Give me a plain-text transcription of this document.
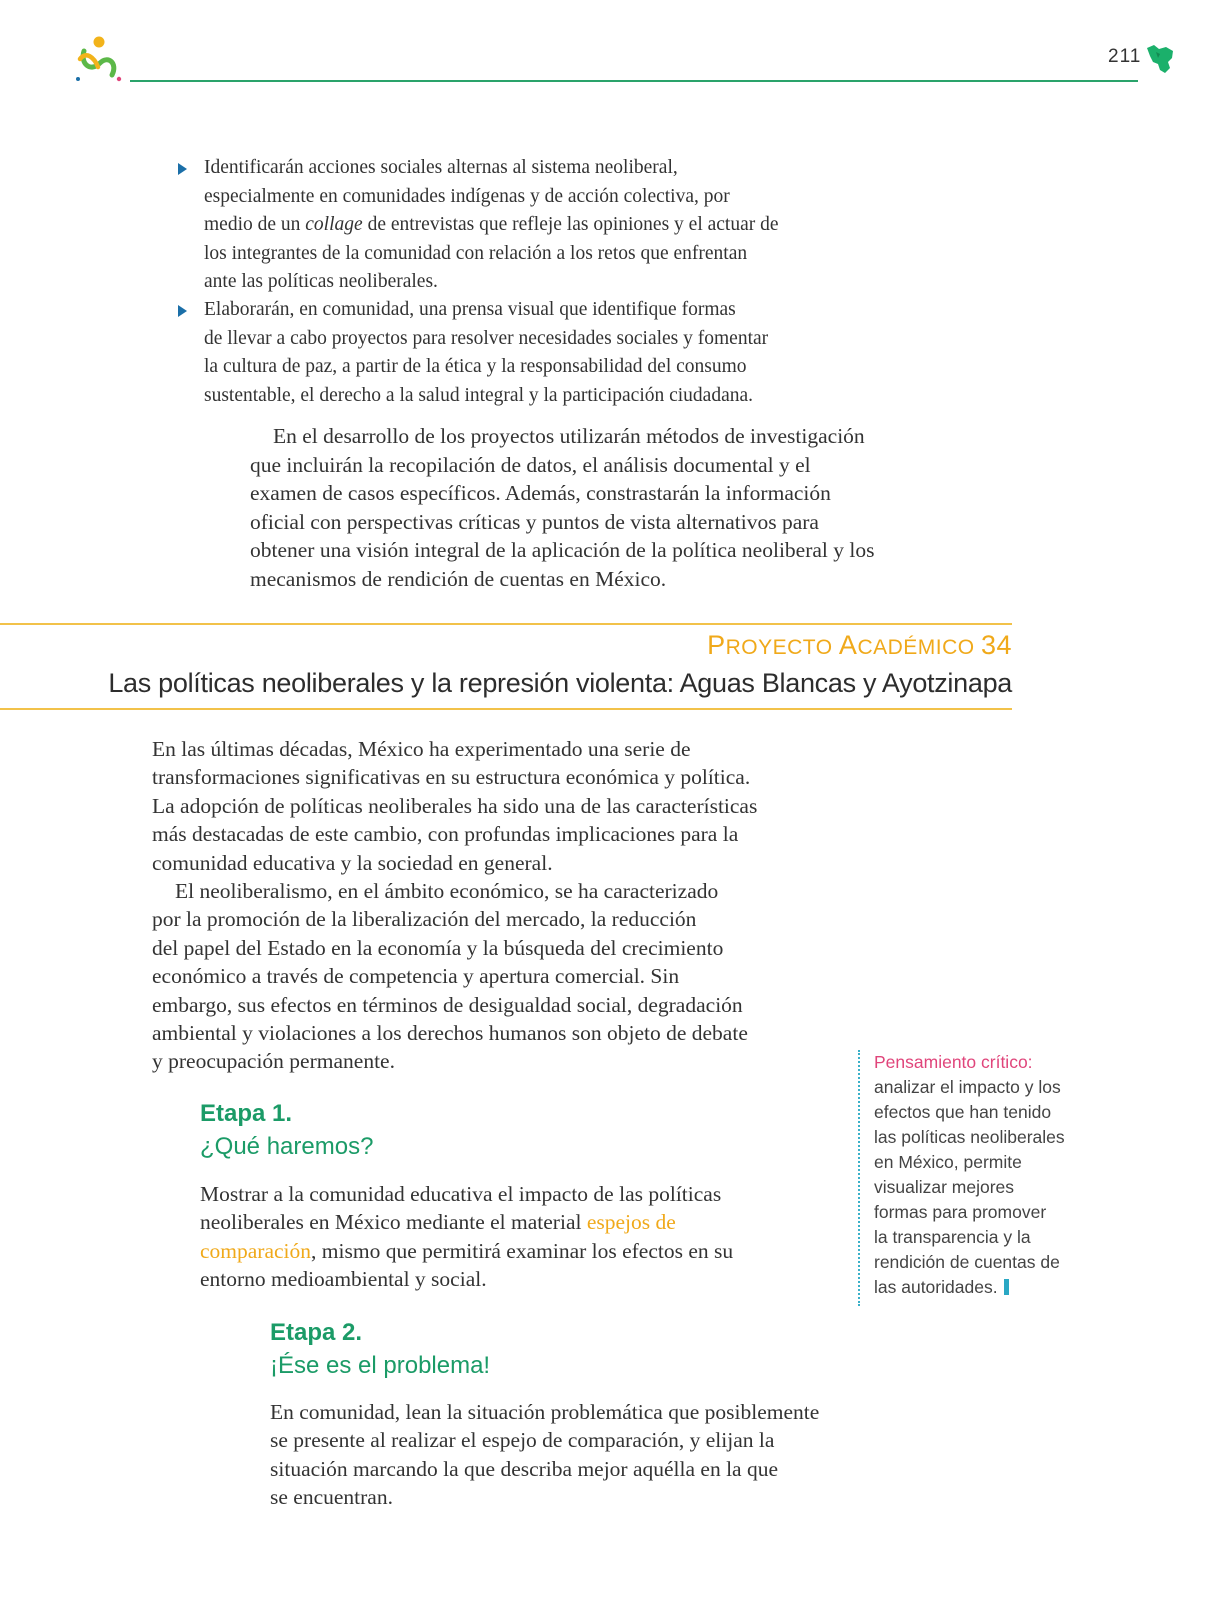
211
Identificarán acciones sociales alternas al sistema neoliberal,
especialmente en comunidades indígenas y de acción colectiva, por
medio de un collage de entrevistas que refleje las opiniones y el actuar de
los integrantes de la comunidad con relación a los retos que enfrentan
ante las políticas neoliberales.
Elaborarán, en comunidad, una prensa visual que identifique formas
de llevar a cabo proyectos para resolver necesidades sociales y fomentar
la cultura de paz, a partir de la ética y la responsabilidad del consumo
sustentable, el derecho a la salud integral y la participación ciudadana.
En el desarrollo de los proyectos utilizarán métodos de investigación
que incluirán la recopilación de datos, el análisis documental y el
examen de casos específicos. Además, constrastarán la información
oficial con perspectivas críticas y puntos de vista alternativos para
obtener una visión integral de la aplicación de la política neoliberal y los
mecanismos de rendición de cuentas en México.
PROYECTO ACADÉMICO 34
Las políticas neoliberales y la represión violenta: Aguas Blancas y Ayotzinapa
En las últimas décadas, México ha experimentado una serie de
transformaciones significativas en su estructura económica y política.
La adopción de políticas neoliberales ha sido una de las características
más destacadas de este cambio, con profundas implicaciones para la
comunidad educativa y la sociedad en general.
El neoliberalismo, en el ámbito económico, se ha caracterizado
por la promoción de la liberalización del mercado, la reducción
del papel del Estado en la economía y la búsqueda del crecimiento
económico a través de competencia y apertura comercial. Sin
embargo, sus efectos en términos de desigualdad social, degradación
ambiental y violaciones a los derechos humanos son objeto de debate
y preocupación permanente.
Etapa 1.
¿Qué haremos?
Mostrar a la comunidad educativa el impacto de las políticas
neoliberales en México mediante el material espejos de
comparación, mismo que permitirá examinar los efectos en su
entorno medioambiental y social.
Etapa 2.
¡Ése es el problema!
En comunidad, lean la situación problemática que posiblemente
se presente al realizar el espejo de comparación, y elijan la
situación marcando la que describa mejor aquélla en la que
se encuentran.
Pensamiento crítico:
analizar el impacto y los
efectos que han tenido
las políticas neoliberales
en México, permite
visualizar mejores
formas para promover
la transparencia y la
rendición de cuentas de
las autoridades.
